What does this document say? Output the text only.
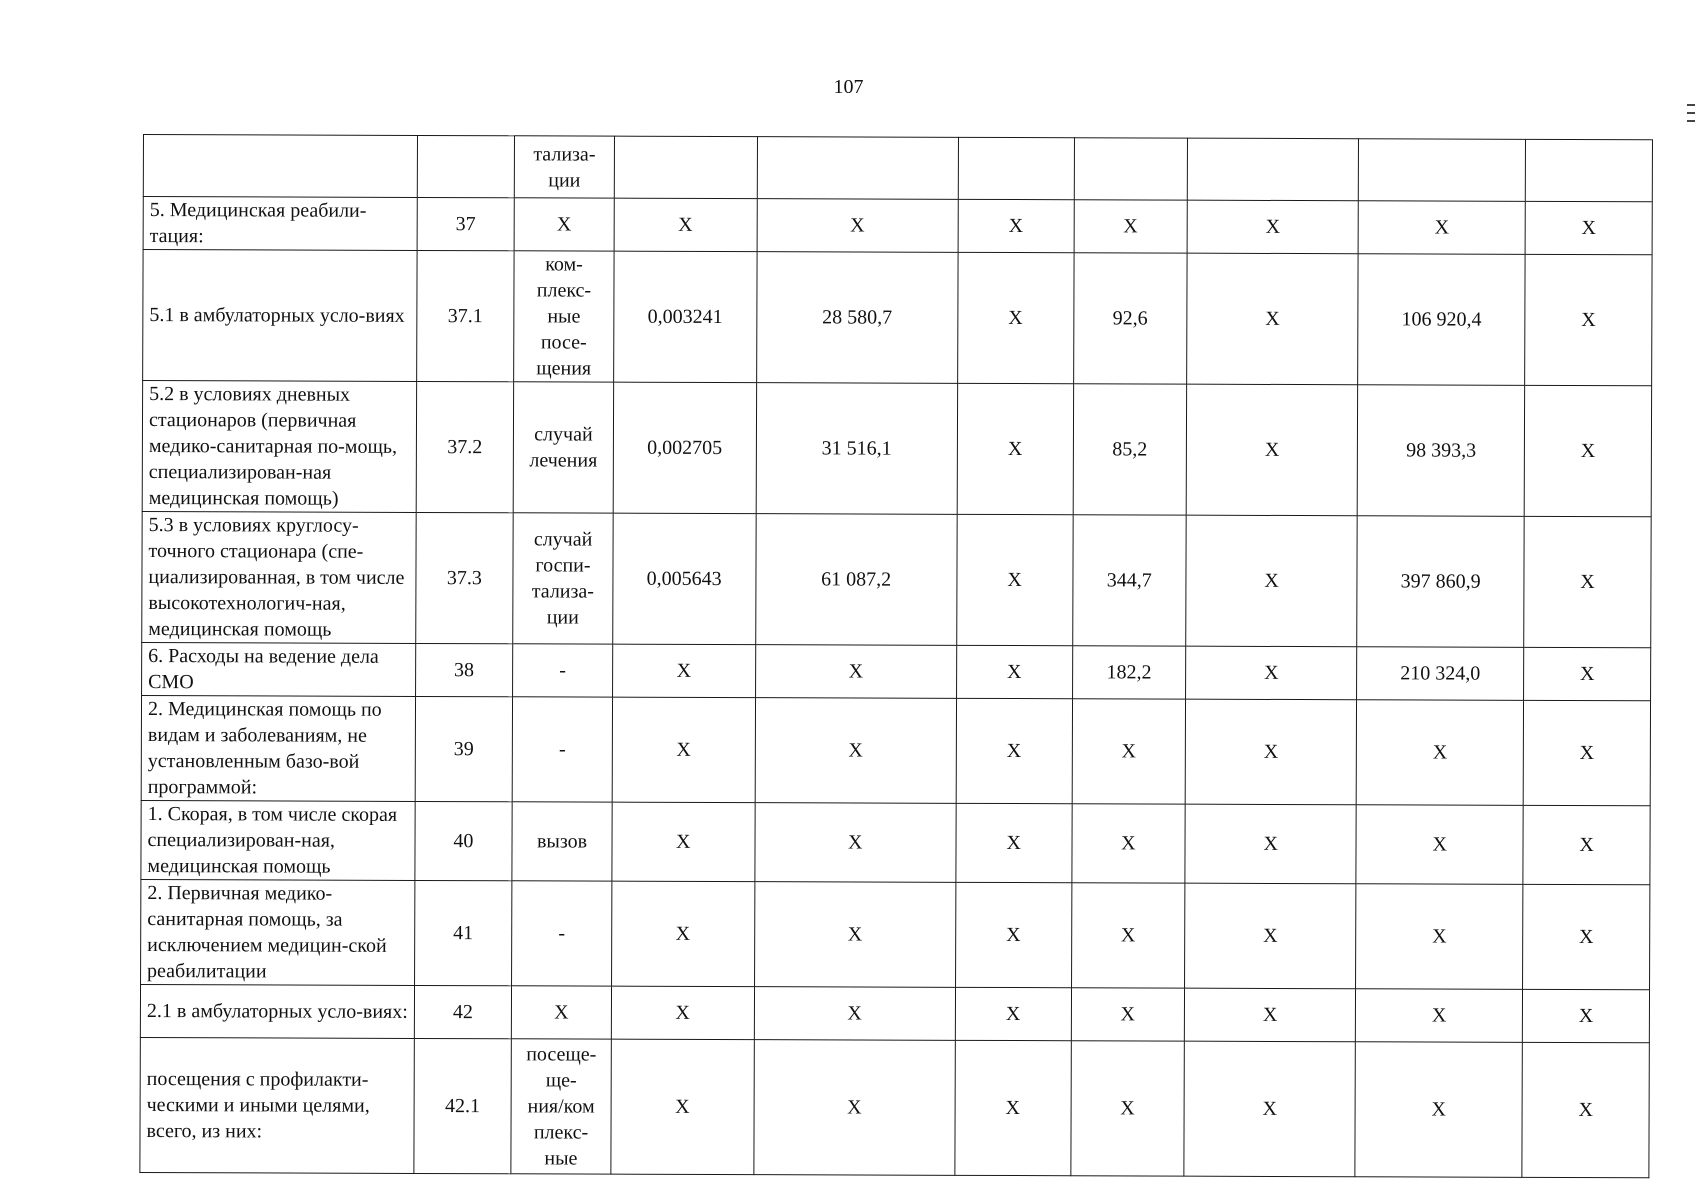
107
		тализа-
ции							
5. Медицинская реабили-тация:	37	X	X	X	X	X	X	X	X
5.1 в амбулаторных усло-виях	37.1	ком-
плекс-
ные
посе-
щения	0,003241	28 580,7	X	92,6	X	106 920,4	X
5.2 в условиях дневных стационаров (первичная медико-санитарная по-мощь, специализирован-ная медицинская помощь)	37.2	случай
лечения	0,002705	31 516,1	X	85,2	X	98 393,3	X
5.3 в условиях круглосу-точного стационара (спе-циализированная, в том числе высокотехнологич-ная, медицинская помощь	37.3	случай
госпи-
тализа-
ции	0,005643	61 087,2	X	344,7	X	397 860,9	X
6. Расходы на ведение дела СМО	38	-	X	X	X	182,2	X	210 324,0	X
2. Медицинская помощь по видам и заболеваниям, не установленным базо-вой программой:	39	-	X	X	X	X	X	X	X
1. Скорая, в том числе скорая специализирован-ная, медицинская помощь	40	вызов	X	X	X	X	X	X	X
2. Первичная медико-санитарная помощь, за исключением медицин-ской реабилитации	41	-	X	X	X	X	X	X	X
2.1 в амбулаторных усло-виях:	42	X	X	X	X	X	X	X	X
посещения с профилакти-ческими и иными целями, всего, из них:	42.1	посеще-
ще-
ния/ком
плекс-
ные	X	X	X	X	X	X	X
